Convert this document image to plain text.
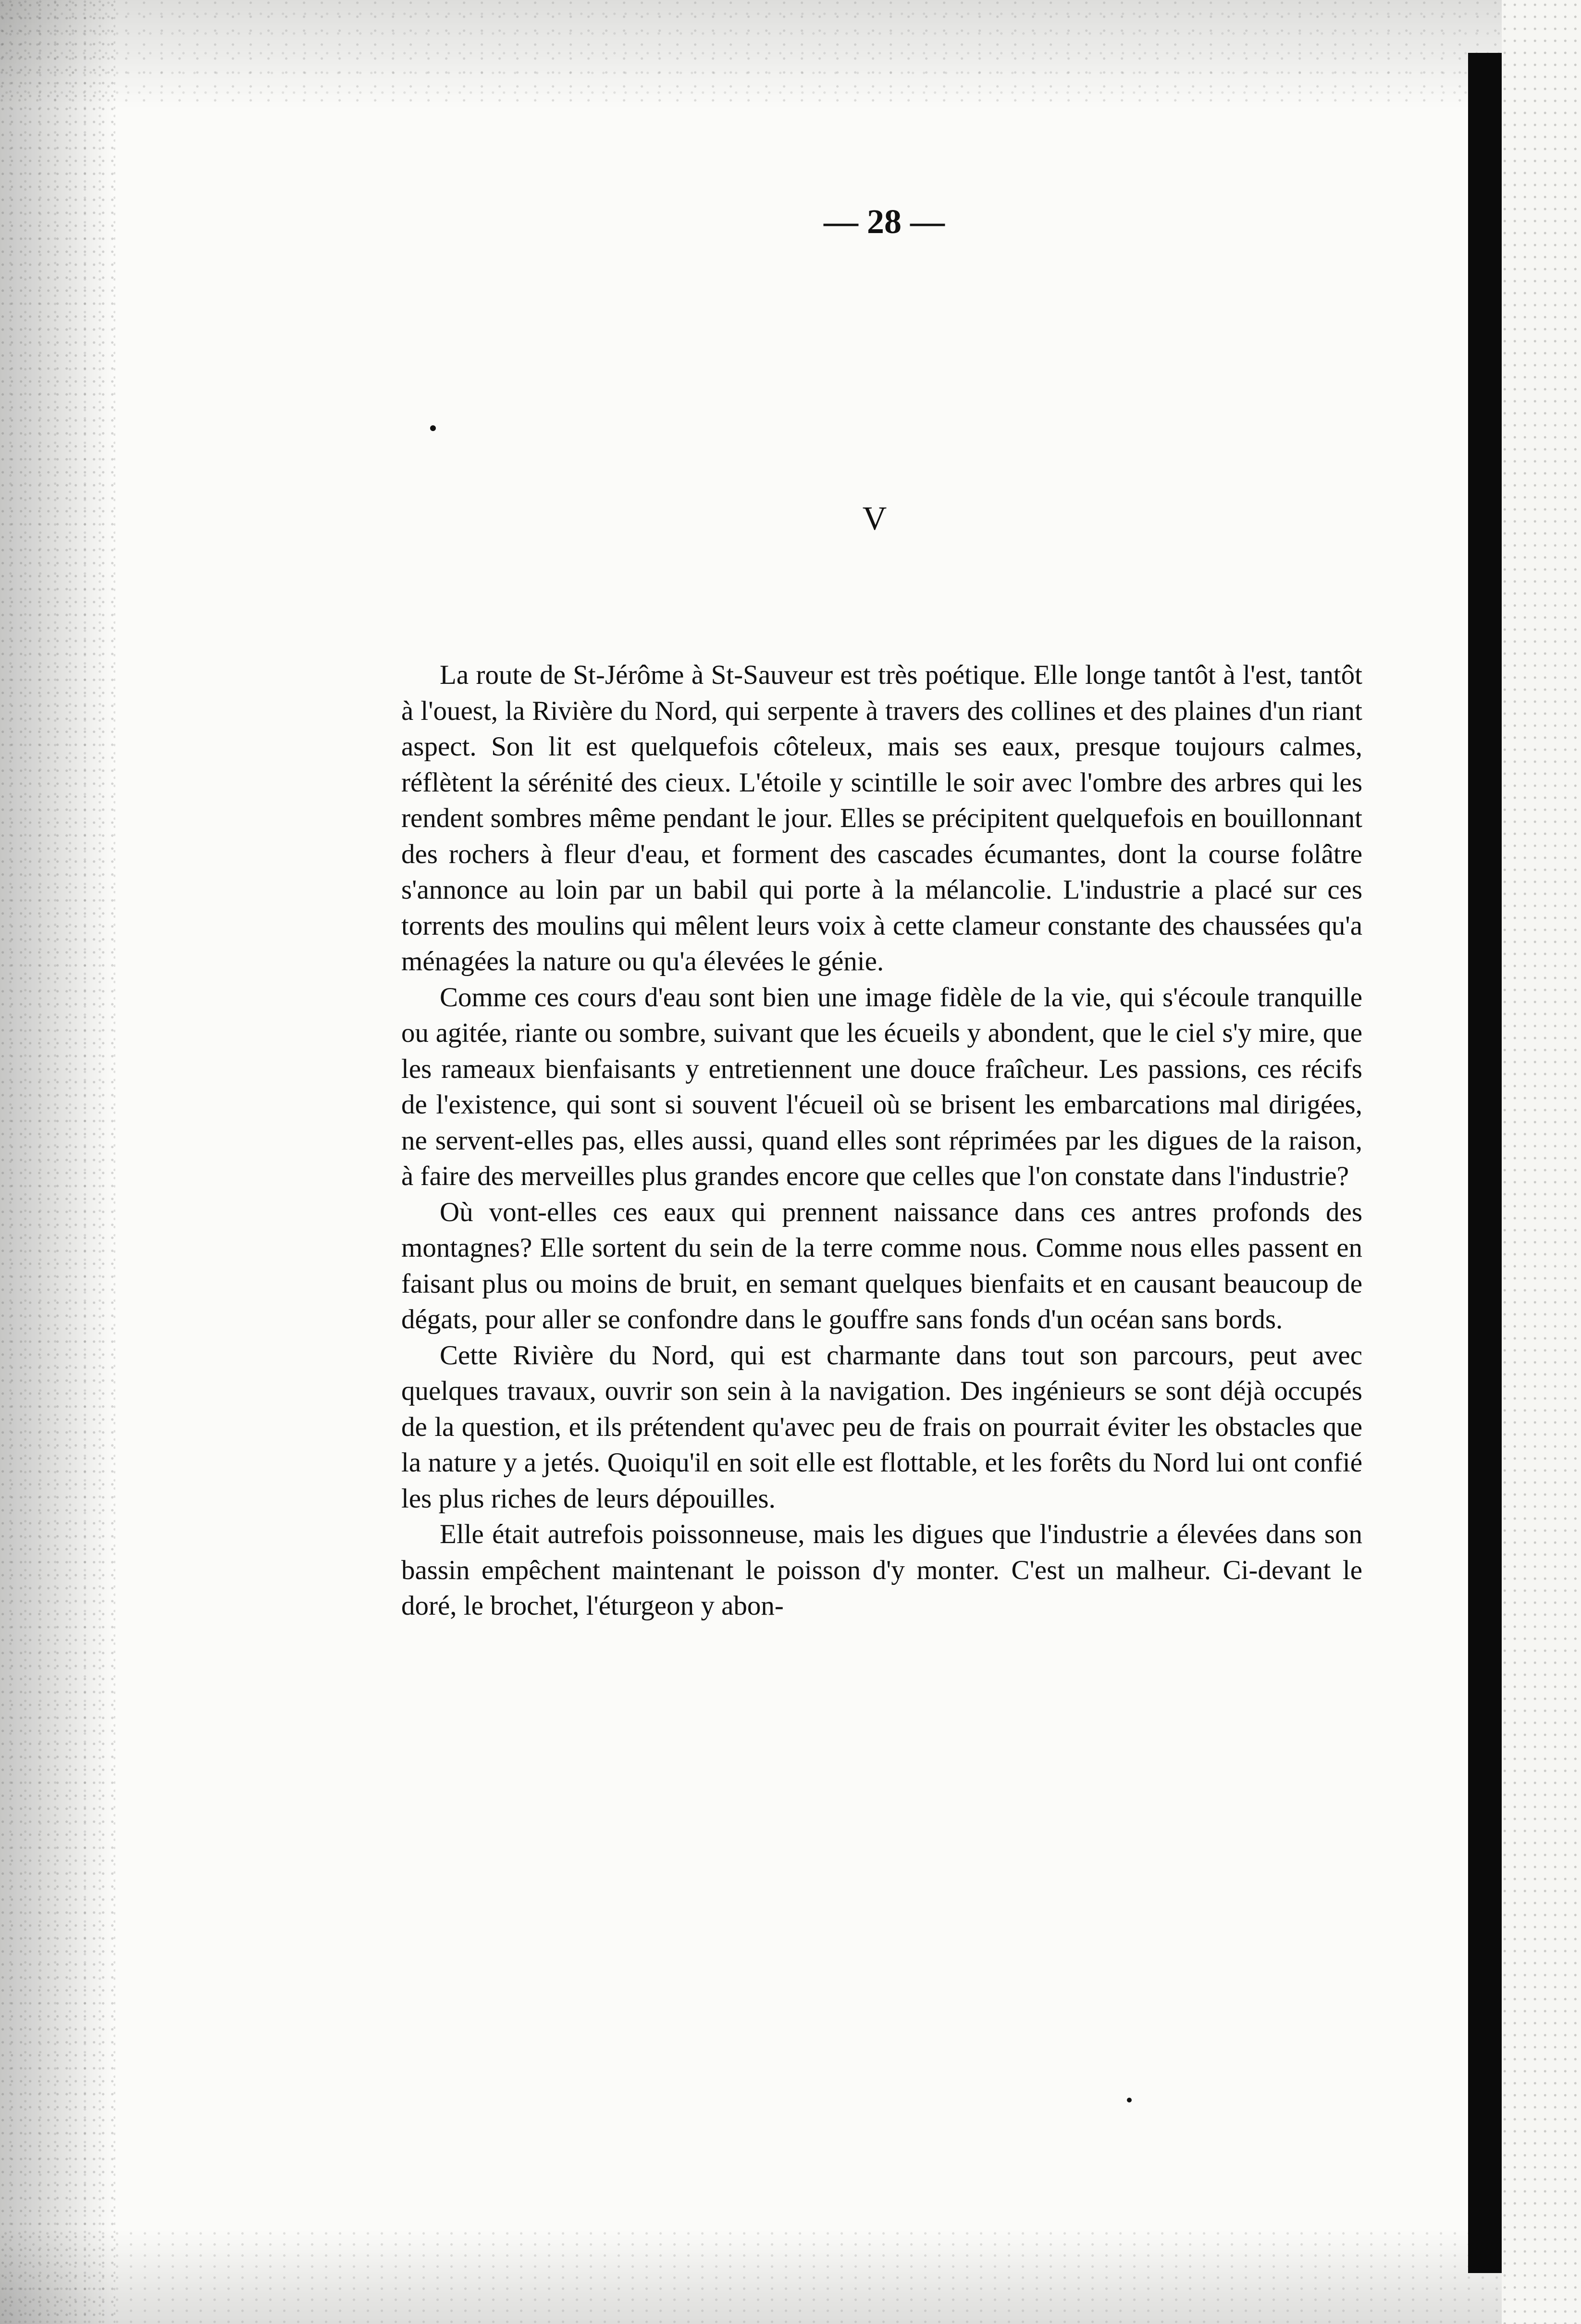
— 28 —
V

La route de St-Jérôme à St-Sauveur est très poétique. Elle longe tantôt à l'est, tantôt à l'ouest, la Rivière du Nord, qui serpente à travers des collines et des plaines d'un riant aspect. Son lit est quelquefois côteleux, mais ses eaux, presque toujours calmes, réflètent la sérénité des cieux. L'étoile y scintille le soir avec l'ombre des arbres qui les rendent sombres même pendant le jour. Elles se précipitent quelquefois en bouillonnant des rochers à fleur d'eau, et forment des cascades écumantes, dont la course folâtre s'annonce au loin par un babil qui porte à la mélancolie. L'industrie a placé sur ces torrents des moulins qui mêlent leurs voix à cette clameur constante des chaussées qu'a ménagées la nature ou qu'a élevées le génie.

Comme ces cours d'eau sont bien une image fidèle de la vie, qui s'écoule tranquille ou agitée, riante ou sombre, suivant que les écueils y abondent, que le ciel s'y mire, que les rameaux bienfaisants y entretiennent une douce fraîcheur. Les passions, ces récifs de l'existence, qui sont si souvent l'écueil où se brisent les embarcations mal dirigées, ne servent-elles pas, elles aussi, quand elles sont réprimées par les digues de la raison, à faire des merveilles plus grandes encore que celles que l'on constate dans l'industrie?

Où vont-elles ces eaux qui prennent naissance dans ces antres profonds des montagnes? Elle sortent du sein de la terre comme nous. Comme nous elles passent en faisant plus ou moins de bruit, en semant quelques bienfaits et en causant beaucoup de dégats, pour aller se confondre dans le gouffre sans fonds d'un océan sans bords.

Cette Rivière du Nord, qui est charmante dans tout son parcours, peut avec quelques travaux, ouvrir son sein à la navigation. Des ingénieurs se sont déjà occupés de la question, et ils prétendent qu'avec peu de frais on pourrait éviter les obstacles que la nature y a jetés. Quoiqu'il en soit elle est flottable, et les forêts du Nord lui ont confié les plus riches de leurs dépouilles.

Elle était autrefois poissonneuse, mais les digues que l'industrie a élevées dans son bassin empêchent maintenant le poisson d'y monter. C'est un malheur. Ci-devant le doré, le brochet, l'éturgeon y abon-
